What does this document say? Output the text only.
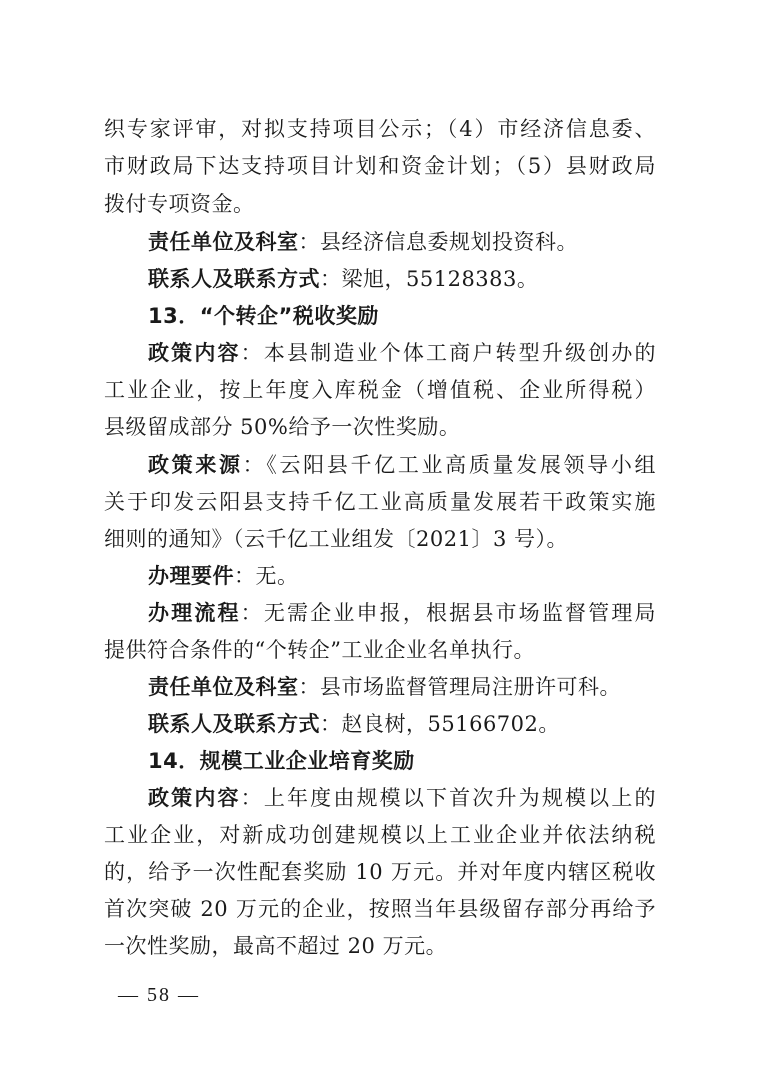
织专家评审，对拟支持项目公示；（4）市经济信息委、
市财政局下达支持项目计划和资金计划；（5）县财政局
拨付专项资金。
责任单位及科室：县经济信息委规划投资科。
联系人及联系方式：梁旭，55128383。
13．“个转企”税收奖励
政策内容：本县制造业个体工商户转型升级创办的
工业企业，按上年度入库税金（增值税、企业所得税）
县级留成部分 50%给予一次性奖励。
政策来源：《云阳县千亿工业高质量发展领导小组
关于印发云阳县支持千亿工业高质量发展若干政策实施
细则的通知》（云千亿工业组发〔2021〕3 号）。
办理要件：无。
办理流程：无需企业申报，根据县市场监督管理局
提供符合条件的“个转企”工业企业名单执行。
责任单位及科室：县市场监督管理局注册许可科。
联系人及联系方式：赵良树，55166702。
14．规模工业企业培育奖励
政策内容：上年度由规模以下首次升为规模以上的
工业企业，对新成功创建规模以上工业企业并依法纳税
的，给予一次性配套奖励 10 万元。并对年度内辖区税收
首次突破 20 万元的企业，按照当年县级留存部分再给予
一次性奖励，最高不超过 20 万元。
— 58 —
